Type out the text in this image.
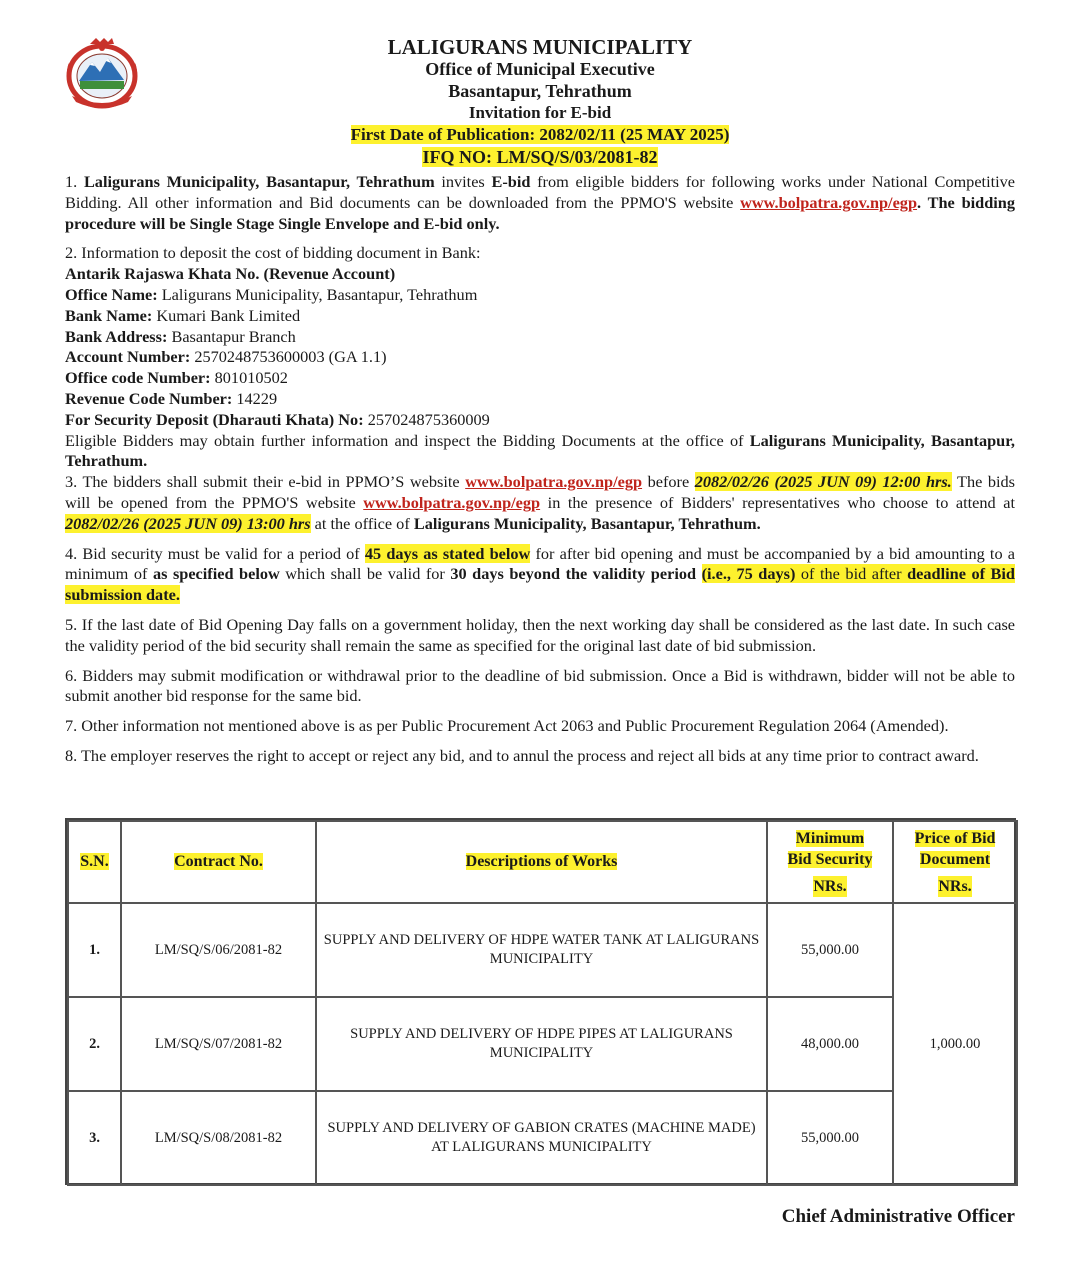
LALIGURANS MUNICIPALITY
Office of Municipal Executive
Basantapur, Tehrathum
Invitation for E-bid
First Date of Publication: 2082/02/11 (25 MAY 2025)
IFQ NO: LM/SQ/S/03/2081-82

1. Laligurans Municipality, Basantapur, Tehrathum invites E-bid from eligible bidders for following works under National Competitive Bidding. All other information and Bid documents can be downloaded from the PPMO'S website www.bolpatra.gov.np/egp. The bidding procedure will be Single Stage Single Envelope and E-bid only.

2. Information to deposit the cost of bidding document in Bank:
Antarik Rajaswa Khata No. (Revenue Account)
Office Name: Laligurans Municipality, Basantapur, Tehrathum
Bank Name: Kumari Bank Limited
Bank Address: Basantapur Branch
Account Number: 2570248753600003 (GA 1.1)
Office code Number: 801010502
Revenue Code Number: 14229
For Security Deposit (Dharauti Khata) No: 257024875360009

Eligible Bidders may obtain further information and inspect the Bidding Documents at the office of Laligurans Municipality, Basantapur, Tehrathum.

3. The bidders shall submit their e-bid in PPMO’S website www.bolpatra.gov.np/egp before 2082/02/26 (2025 JUN 09) 12:00 hrs. The bids will be opened from the PPMO'S website www.bolpatra.gov.np/egp in the presence of Bidders' representatives who choose to attend at 2082/02/26 (2025 JUN 09) 13:00 hrs at the office of Laligurans Municipality, Basantapur, Tehrathum.

4. Bid security must be valid for a period of 45 days as stated below for after bid opening and must be accompanied by a bid amounting to a minimum of as specified below which shall be valid for 30 days beyond the validity period (i.e., 75 days) of the bid after deadline of Bid submission date.

5. If the last date of Bid Opening Day falls on a government holiday, then the next working day shall be considered as the last date. In such case the validity period of the bid security shall remain the same as specified for the original last date of bid submission.

6. Bidders may submit modification or withdrawal prior to the deadline of bid submission. Once a Bid is withdrawn, bidder will not be able to submit another bid response for the same bid.

7. Other information not mentioned above is as per Public Procurement Act 2063 and Public Procurement Regulation 2064 (Amended).

8. The employer reserves the right to accept or reject any bid, and to annul the process and reject all bids at any time prior to contract award.

S.N.	Contract No.	Descriptions of Works	Minimum
Bid Security
NRs.	Price of Bid
Document
NRs.
1.	LM/SQ/S/06/2081-82	SUPPLY AND DELIVERY OF HDPE WATER TANK AT LALIGURANS MUNICIPALITY	55,000.00	1,000.00
2.	LM/SQ/S/07/2081-82	SUPPLY AND DELIVERY OF HDPE PIPES AT LALIGURANS MUNICIPALITY	48,000.00	
3.	LM/SQ/S/08/2081-82	SUPPLY AND DELIVERY OF GABION CRATES (MACHINE MADE) AT LALIGURANS MUNICIPALITY	55,000.00	
Chief Administrative Officer
